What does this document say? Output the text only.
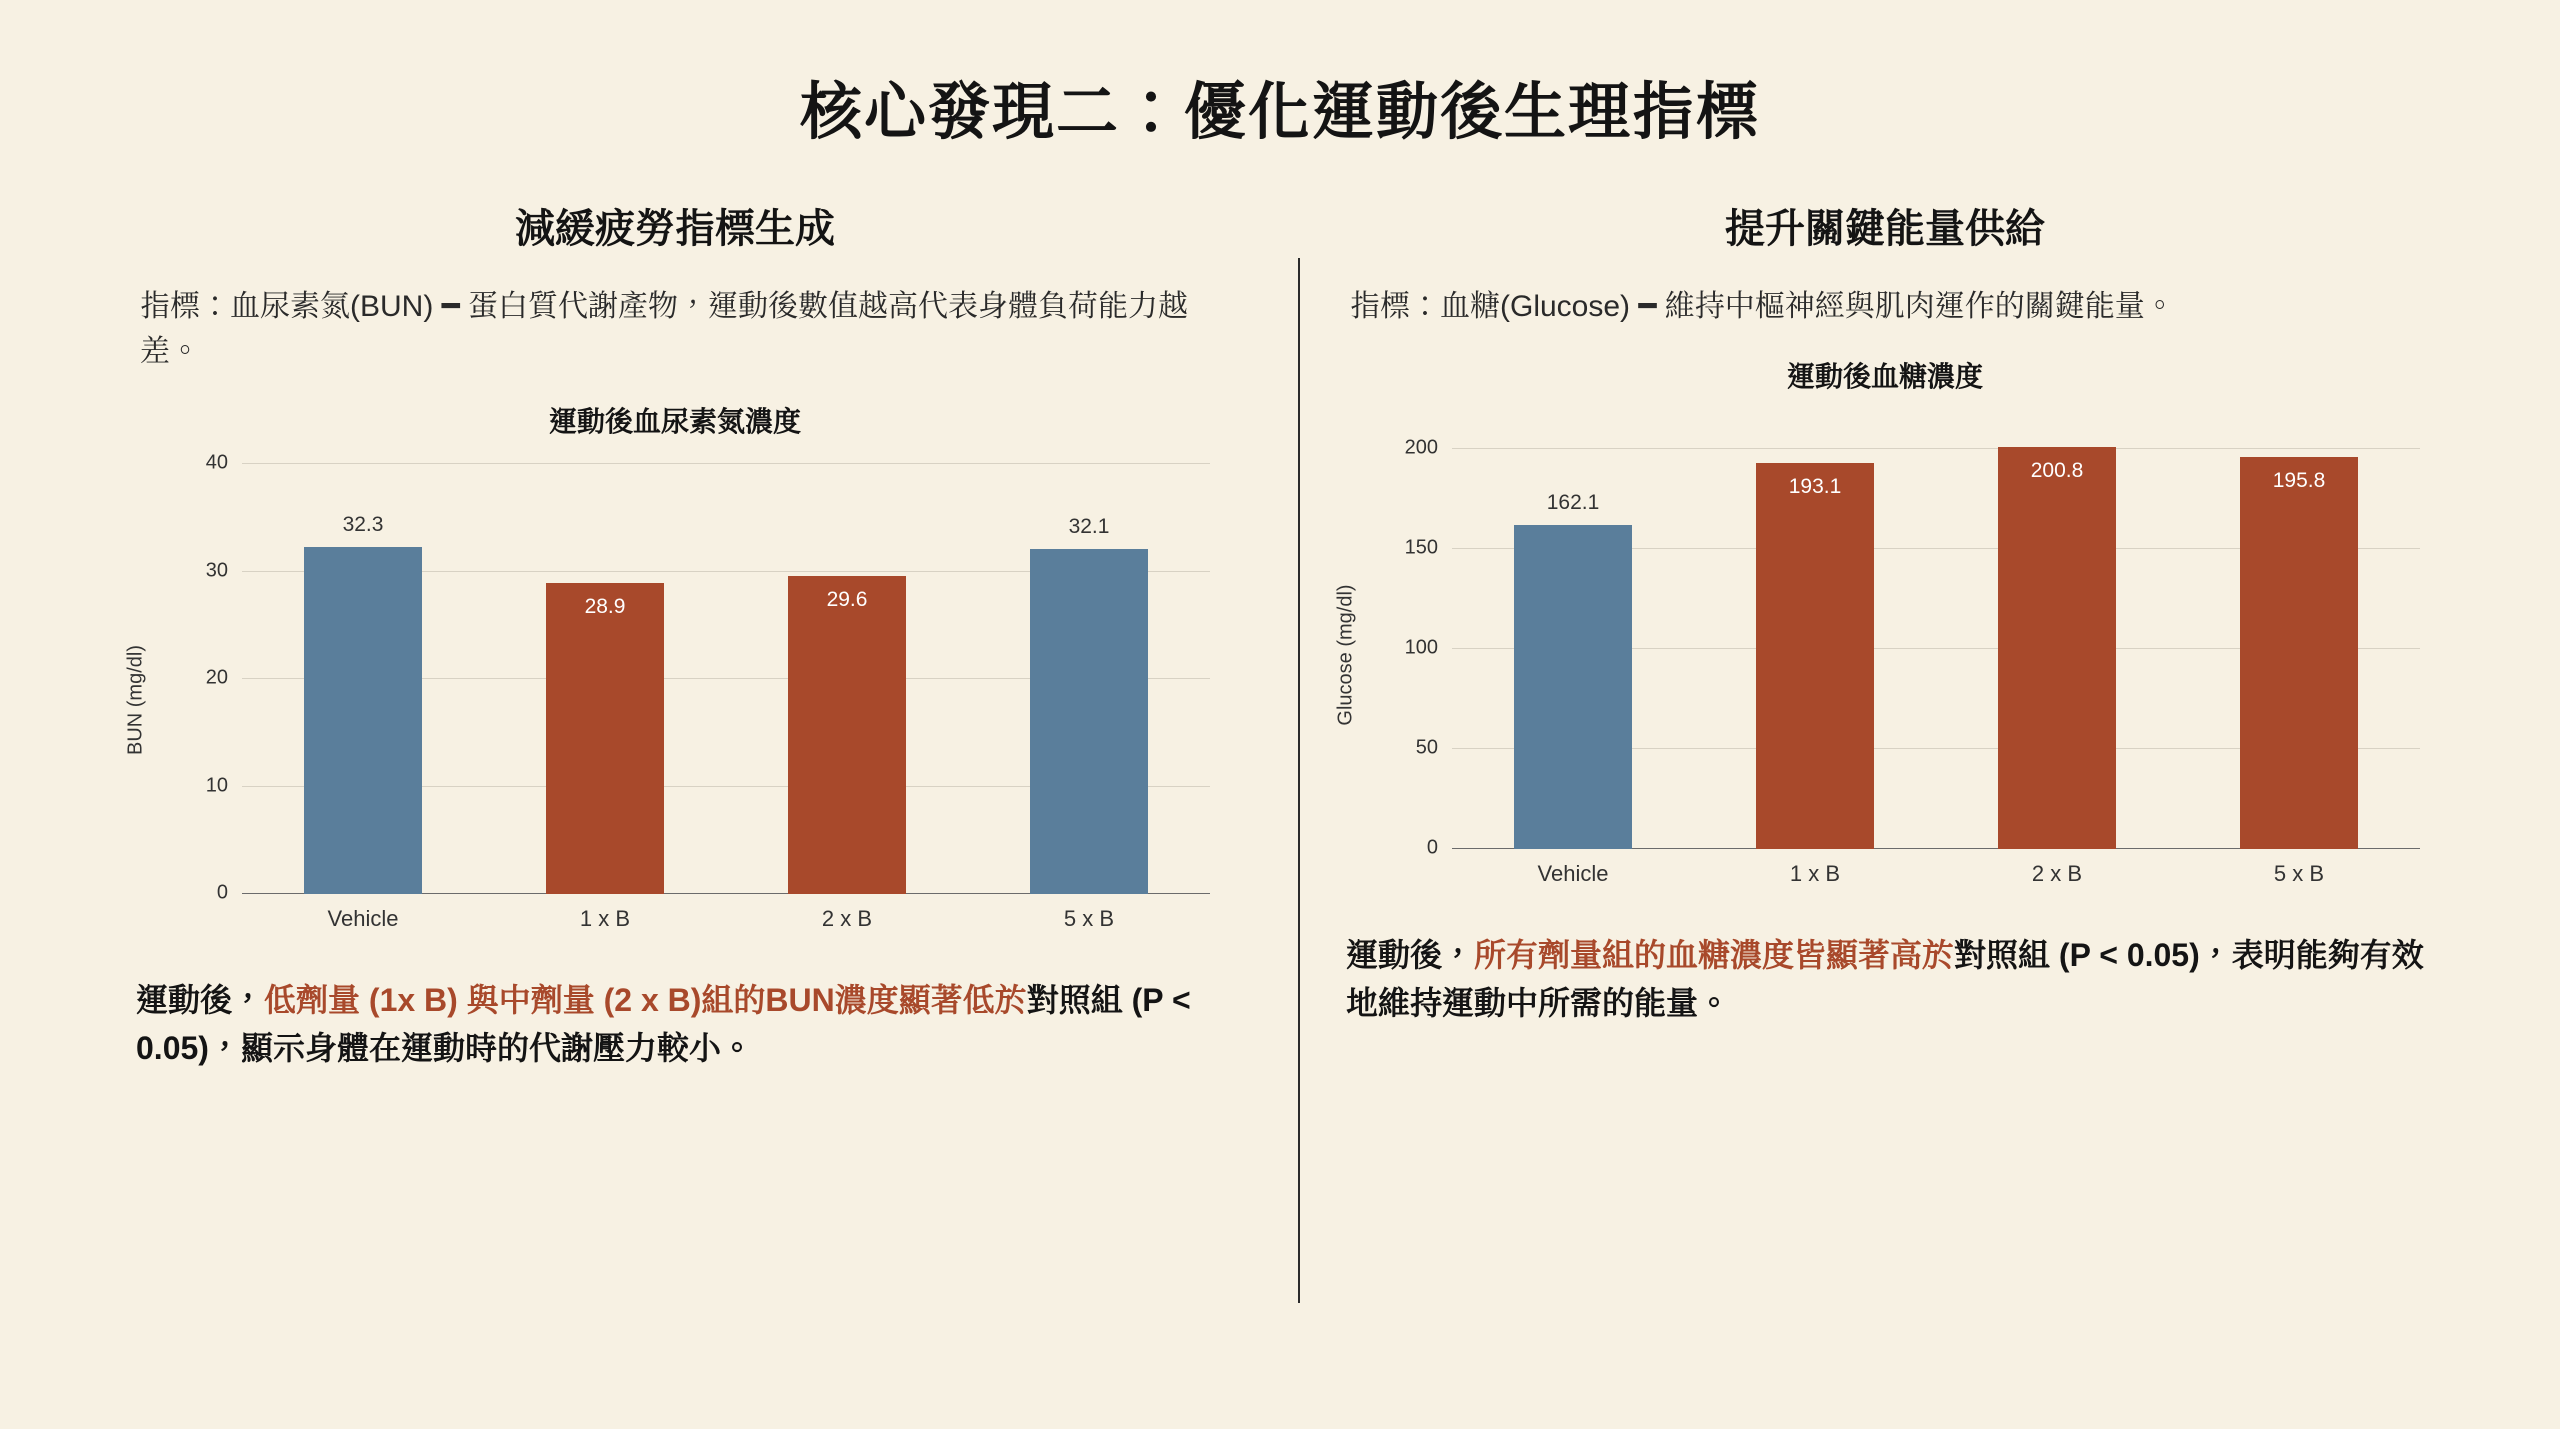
核心發現二：優化運動後生理指標
減緩疲勞指標生成
指標：血尿素氮(BUN) ━ 蛋白質代謝產物，運動後數值越高代表身體負荷能力越差。
運動後血尿素氮濃度
BUN (mg/dl)
40
30
20
10
0
32.3
28.9	29.6
32.1
Vehicle	1 x B	2 x B	5 x B
運動後，低劑量 (1x B) 與中劑量 (2 x B)組的BUN濃度顯著低於對照組 (P < 0.05)，顯示身體在運動時的代謝壓力較小。
提升關鍵能量供給
指標：血糖(Glucose) ━ 維持中樞神經與肌肉運作的關鍵能量。
運動後血糖濃度
Glucose (mg/dl)
200
150
100
50
0
162.1
193.1
200.8	195.8
Vehicle	1 x B	2 x B	5 x B
運動後，所有劑量組的血糖濃度皆顯著高於對照組 (P < 0.05)，表明能夠有效地維持運動中所需的能量。
